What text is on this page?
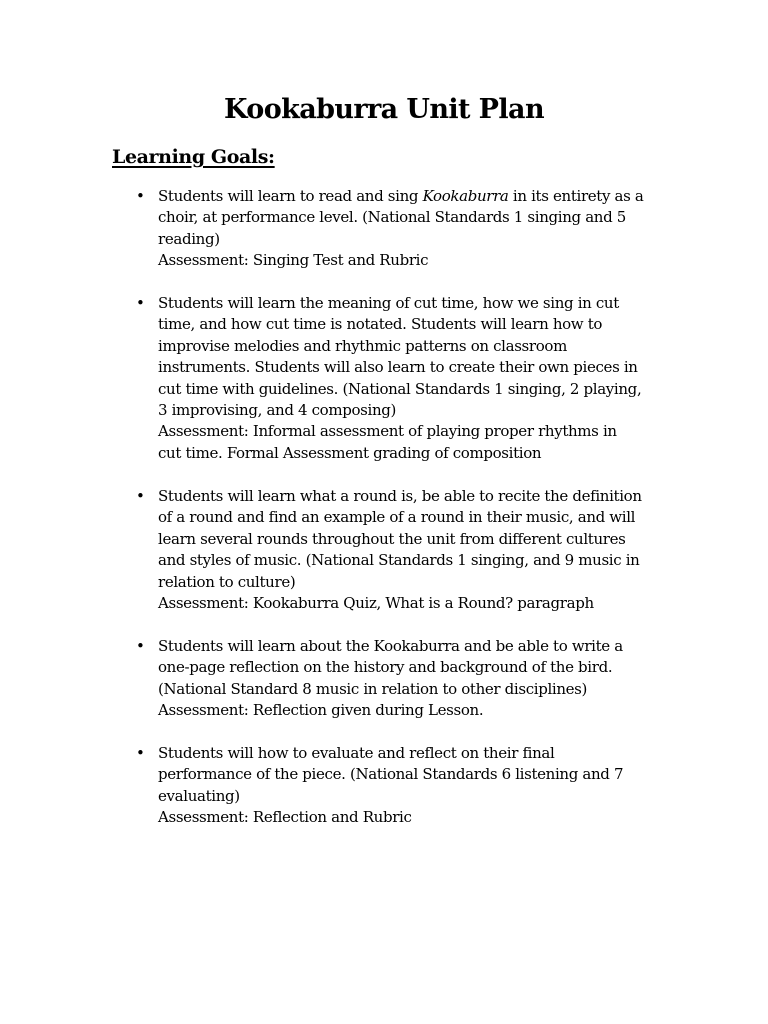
Kookaburra Unit Plan
Learning Goals:
• Students will learn to read and sing Kookaburra in its entirety as a
choir, at performance level. (National Standards 1 singing and 5
reading)
Assessment: Singing Test and Rubric
• Students will learn the meaning of cut time, how we sing in cut
time, and how cut time is notated. Students will learn how to
improvise melodies and rhythmic patterns on classroom
instruments. Students will also learn to create their own pieces in
cut time with guidelines. (National Standards 1 singing, 2 playing,
3 improvising, and 4 composing)
Assessment: Informal assessment of playing proper rhythms in
cut time. Formal Assessment grading of composition
• Students will learn what a round is, be able to recite the definition
of a round and find an example of a round in their music, and will
learn several rounds throughout the unit from different cultures
and styles of music. (National Standards 1 singing, and 9 music in
relation to culture)
Assessment: Kookaburra Quiz, What is a Round? paragraph
• Students will learn about the Kookaburra and be able to write a
one-page reflection on the history and background of the bird.
(National Standard 8 music in relation to other disciplines)
Assessment: Reflection given during Lesson.
• Students will how to evaluate and reflect on their final
performance of the piece. (National Standards 6 listening and 7
evaluating)
Assessment: Reflection and Rubric
